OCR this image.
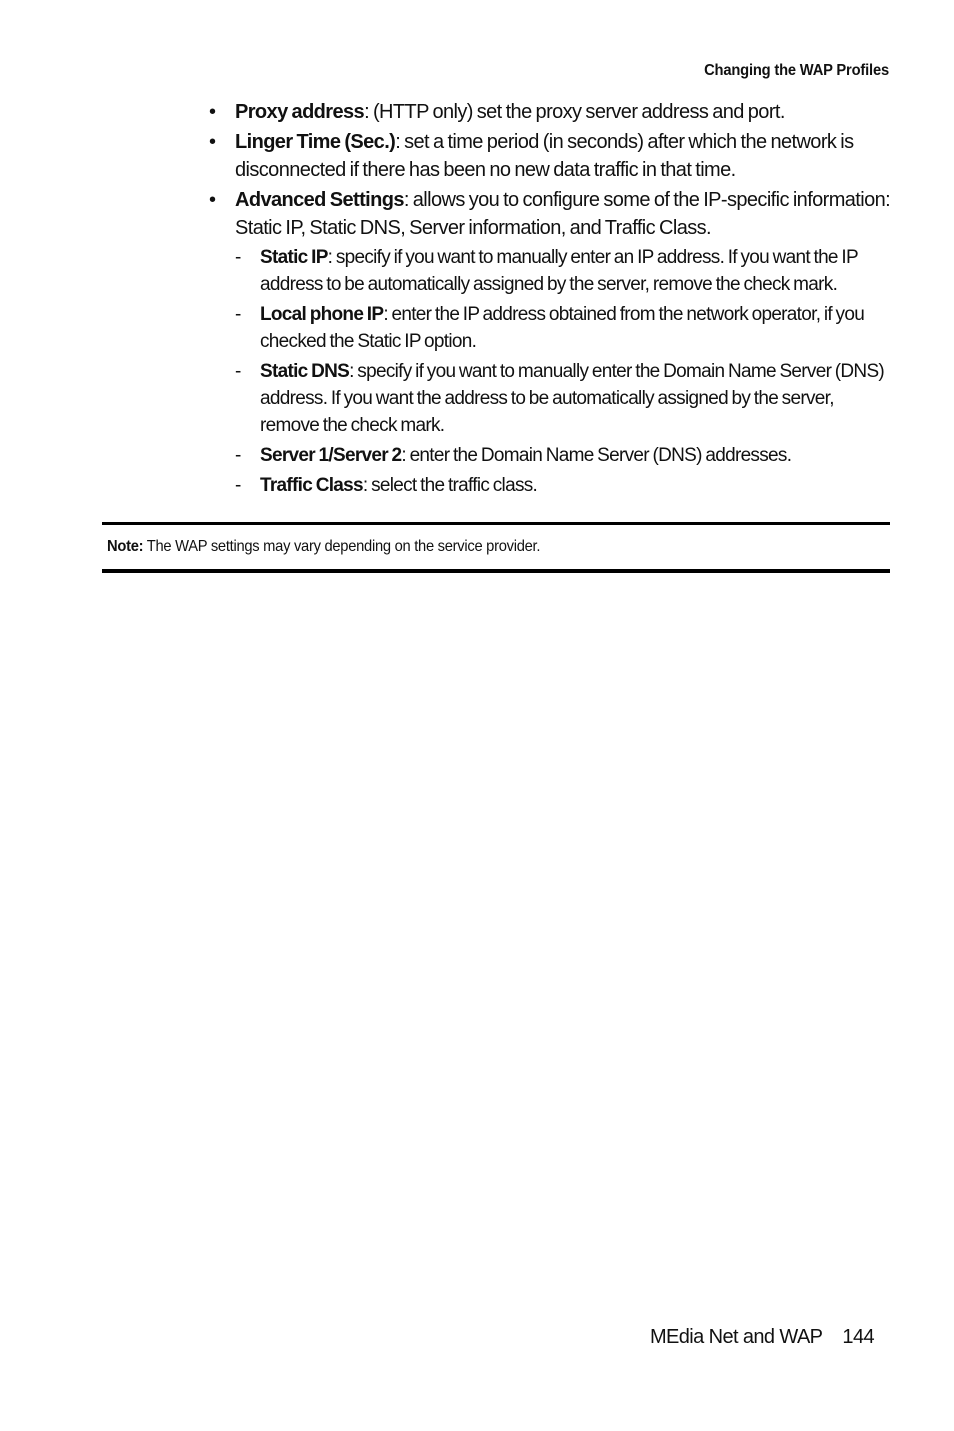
Changing the WAP Profiles
• Proxy address: (HTTP only) set the proxy server address and port.
• Linger Time (Sec.): set a time period (in seconds) after which the network is disconnected if there has been no new data traffic in that time.
• Advanced Settings: allows you to configure some of the IP-specific information: Static IP, Static DNS, Server information, and Traffic Class.
- Static IP: specify if you want to manually enter an IP address. If you want the IP address to be automatically assigned by the server, remove the check mark.
- Local phone IP: enter the IP address obtained from the network operator, if you checked the Static IP option.
- Static DNS: specify if you want to manually enter the Domain Name Server (DNS) address. If you want the address to be automatically assigned by the server, remove the check mark.
- Server 1/Server 2: enter the Domain Name Server (DNS) addresses.
- Traffic Class: select the traffic class.
Note: The WAP settings may vary depending on the service provider.
MEdia Net and WAP 144
